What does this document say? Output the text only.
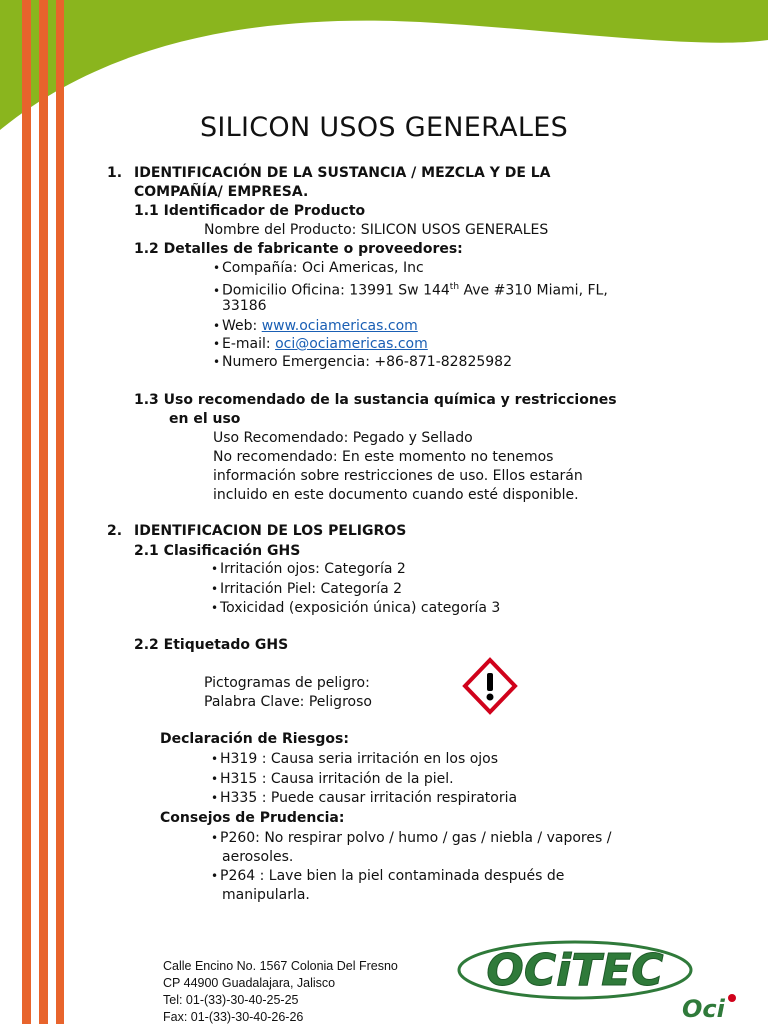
SILICON USOS GENERALES
1. IDENTIFICACIÓN DE LA SUSTANCIA / MEZCLA Y DE LA
COMPAÑÍA/ EMPRESA.
1.1 Identificador de Producto
Nombre del Producto: SILICON USOS GENERALES
1.2 Detalles de fabricante o proveedores:
• Compañía: Oci Americas, Inc
• Domicilio Oficina: 13991 Sw 144th Ave #310 Miami, FL,
33186
• Web: www.ociamericas.com
• E-mail: oci@ociamericas.com
• Numero Emergencia: +86-871-82825982
1.3 Uso recomendado de la sustancia química y restricciones
en el uso
Uso Recomendado: Pegado y Sellado
No recomendado: En este momento no tenemos
información sobre restricciones de uso. Ellos estarán
incluido en este documento cuando esté disponible.
2. IDENTIFICACION DE LOS PELIGROS
2.1 Clasificación GHS
• Irritación ojos: Categoría 2
• Irritación Piel: Categoría 2
• Toxicidad (exposición única) categoría 3
2.2 Etiquetado GHS
Pictogramas de peligro:
Palabra Clave: Peligroso
Declaración de Riesgos:
• H319 : Causa seria irritación en los ojos
• H315 : Causa irritación de la piel.
• H335 : Puede causar irritación respiratoria
Consejos de Prudencia:
• P260: No respirar polvo / humo / gas / niebla / vapores /
aerosoles.
• P264 : Lave bien la piel contaminada después de
manipularla.
Calle Encino No. 1567 Colonia Del Fresno
CP 44900 Guadalajara, Jalisco
Tel: 01-(33)-30-40-25-25
Fax: 01-(33)-30-40-26-26
OCiTEC
Oci
